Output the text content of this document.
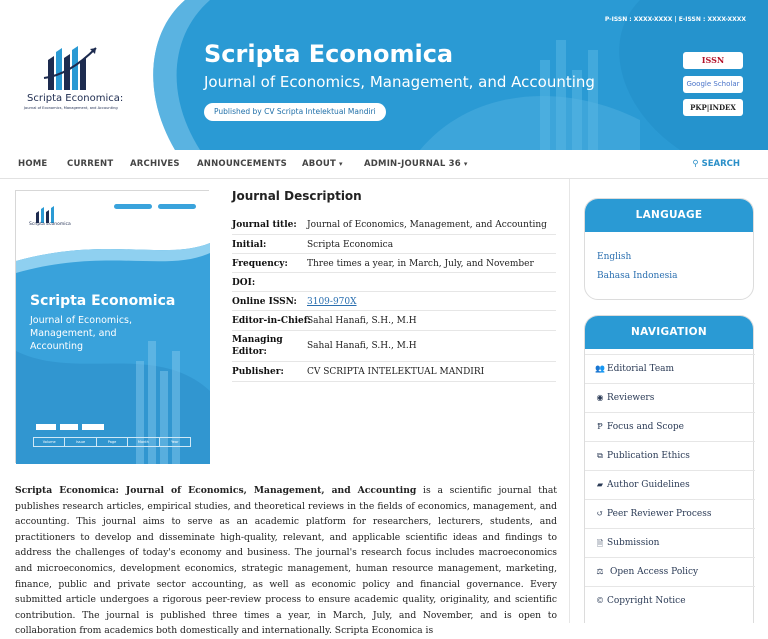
Scripta Economica:
Journal of Economics, Management, and Accounting
P-ISSN : XXXX-XXXX | E-ISSN : XXXX-XXXX
Scripta Economica
Journal of Economics, Management, and Accounting
Published by CV Scripta Intelektual Mandiri
ISSN
Google Scholar
PKP|INDEX
HOME CURRENT ARCHIVES ANNOUNCEMENTS ABOUT ▾	ADMIN-JOURNAL 36 ▾	⚲ SEARCH
Scripta Economica
Scripta Economica
Journal of Economics, Management, and Accounting
Volume	Issue	Page	Month	Year
Journal Description
Journal title: Journal of Economics, Management, and Accounting
Initial:	Scripta Economica
Frequency: Three times a year, in March, July, and November
DOI:
Online ISSN: 3109-970X
Editor-in-Chief:
Sahal Hanafi, S.H., M.H
Managing
Editor:
Sahal Hanafi, S.H., M.H
Publisher:	CV SCRIPTA INTELEKTUAL MANDIRI
Scripta Economica: Journal of Economics, Management, and Accounting is a scientific journal that publishes research articles, empirical studies, and theoretical reviews in the fields of economics, management, and accounting. This journal aims to serve as an academic platform for researchers, lecturers, students, and practitioners to develop and disseminate high-quality, relevant, and applicable scientific ideas and findings to address the challenges of today's economy and business. The journal's research focus includes macroeconomics and microeconomics, development economics, strategic management, human resource management, marketing, finance, public and private sector accounting, as well as economic policy and financial governance. Every submitted article undergoes a rigorous peer-review process to ensure academic quality, originality, and scientific contribution. The journal is published three times a year, in March, July, and November, and is open to collaboration from academics both domestically and internationally. Scripta Economica is
LANGUAGE
English
Bahasa Indonesia
NAVIGATION
👥 Editorial Team
◉ Reviewers
Ᵽ Focus and Scope
⧉ Publication Ethics
▰ Author Guidelines
↺ Peer Reviewer Process
🗎 Submission
⚖ Open Access Policy
© Copyright Notice
